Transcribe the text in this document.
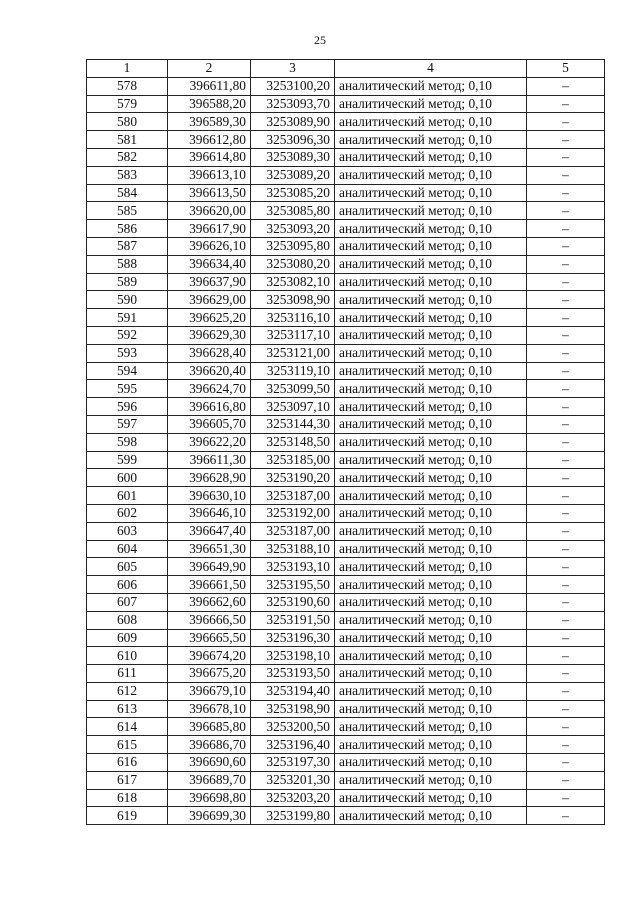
25
1	2	3	4	5
578	396611,80	3253100,20	аналитический метод; 0,10	–
579	396588,20	3253093,70	аналитический метод; 0,10	–
580	396589,30	3253089,90	аналитический метод; 0,10	–
581	396612,80	3253096,30	аналитический метод; 0,10	–
582	396614,80	3253089,30	аналитический метод; 0,10	–
583	396613,10	3253089,20	аналитический метод; 0,10	–
584	396613,50	3253085,20	аналитический метод; 0,10	–
585	396620,00	3253085,80	аналитический метод; 0,10	–
586	396617,90	3253093,20	аналитический метод; 0,10	–
587	396626,10	3253095,80	аналитический метод; 0,10	–
588	396634,40	3253080,20	аналитический метод; 0,10	–
589	396637,90	3253082,10	аналитический метод; 0,10	–
590	396629,00	3253098,90	аналитический метод; 0,10	–
591	396625,20	3253116,10	аналитический метод; 0,10	–
592	396629,30	3253117,10	аналитический метод; 0,10	–
593	396628,40	3253121,00	аналитический метод; 0,10	–
594	396620,40	3253119,10	аналитический метод; 0,10	–
595	396624,70	3253099,50	аналитический метод; 0,10	–
596	396616,80	3253097,10	аналитический метод; 0,10	–
597	396605,70	3253144,30	аналитический метод; 0,10	–
598	396622,20	3253148,50	аналитический метод; 0,10	–
599	396611,30	3253185,00	аналитический метод; 0,10	–
600	396628,90	3253190,20	аналитический метод; 0,10	–
601	396630,10	3253187,00	аналитический метод; 0,10	–
602	396646,10	3253192,00	аналитический метод; 0,10	–
603	396647,40	3253187,00	аналитический метод; 0,10	–
604	396651,30	3253188,10	аналитический метод; 0,10	–
605	396649,90	3253193,10	аналитический метод; 0,10	–
606	396661,50	3253195,50	аналитический метод; 0,10	–
607	396662,60	3253190,60	аналитический метод; 0,10	–
608	396666,50	3253191,50	аналитический метод; 0,10	–
609	396665,50	3253196,30	аналитический метод; 0,10	–
610	396674,20	3253198,10	аналитический метод; 0,10	–
611	396675,20	3253193,50	аналитический метод; 0,10	–
612	396679,10	3253194,40	аналитический метод; 0,10	–
613	396678,10	3253198,90	аналитический метод; 0,10	–
614	396685,80	3253200,50	аналитический метод; 0,10	–
615	396686,70	3253196,40	аналитический метод; 0,10	–
616	396690,60	3253197,30	аналитический метод; 0,10	–
617	396689,70	3253201,30	аналитический метод; 0,10	–
618	396698,80	3253203,20	аналитический метод; 0,10	–
619	396699,30	3253199,80	аналитический метод; 0,10	–
